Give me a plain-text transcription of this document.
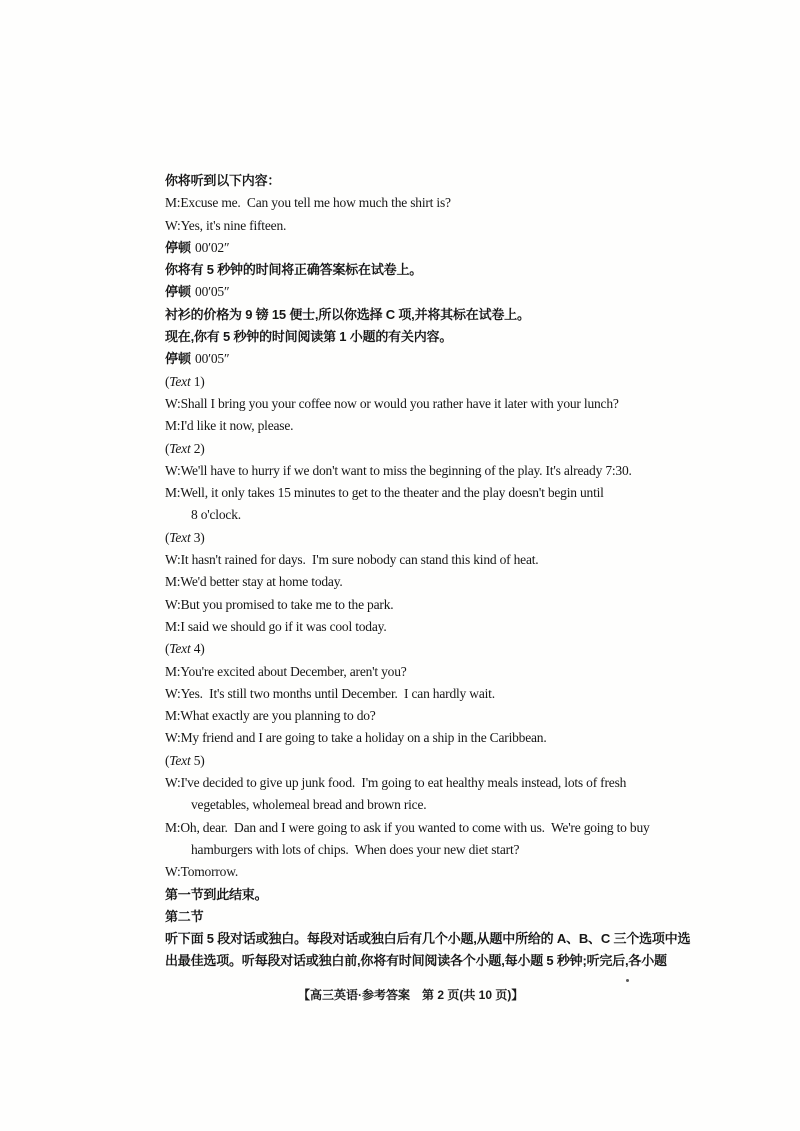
你将听到以下内容：
M:Excuse me.  Can you tell me how much the shirt is?
W:Yes, it's nine fifteen.
停顿 00′02″
你将有 5 秒钟的时间将正确答案标在试卷上。
停顿 00′05″
衬衫的价格为 9 镑 15 便士,所以你选择 C 项,并将其标在试卷上。
现在,你有 5 秒钟的时间阅读第 1 小题的有关内容。
停顿 00′05″
(Text 1)
W:Shall I bring you your coffee now or would you rather have it later with your lunch?
M:I'd like it now, please.
(Text 2)
W:We'll have to hurry if we don't want to miss the beginning of the play. It's already 7:30.
M:Well, it only takes 15 minutes to get to the theater and the play doesn't begin until
8 o'clock.
(Text 3)
W:It hasn't rained for days.  I'm sure nobody can stand this kind of heat.
M:We'd better stay at home today.
W:But you promised to take me to the park.
M:I said we should go if it was cool today.
(Text 4)
M:You're excited about December, aren't you?
W:Yes.  It's still two months until December.  I can hardly wait.
M:What exactly are you planning to do?
W:My friend and I are going to take a holiday on a ship in the Caribbean.
(Text 5)
W:I've decided to give up junk food.  I'm going to eat healthy meals instead, lots of fresh
vegetables, wholemeal bread and brown rice.
M:Oh, dear.  Dan and I were going to ask if you wanted to come with us.  We're going to buy
hamburgers with lots of chips.  When does your new diet start?
W:Tomorrow.
第一节到此结束。
第二节
听下面 5 段对话或独白。每段对话或独白后有几个小题,从题中所给的 A、B、C 三个选项中选
出最佳选项。听每段对话或独白前,你将有时间阅读各个小题,每小题 5 秒钟;听完后,各小题

【高三英语·参考答案　第 2 页(共 10 页)】
